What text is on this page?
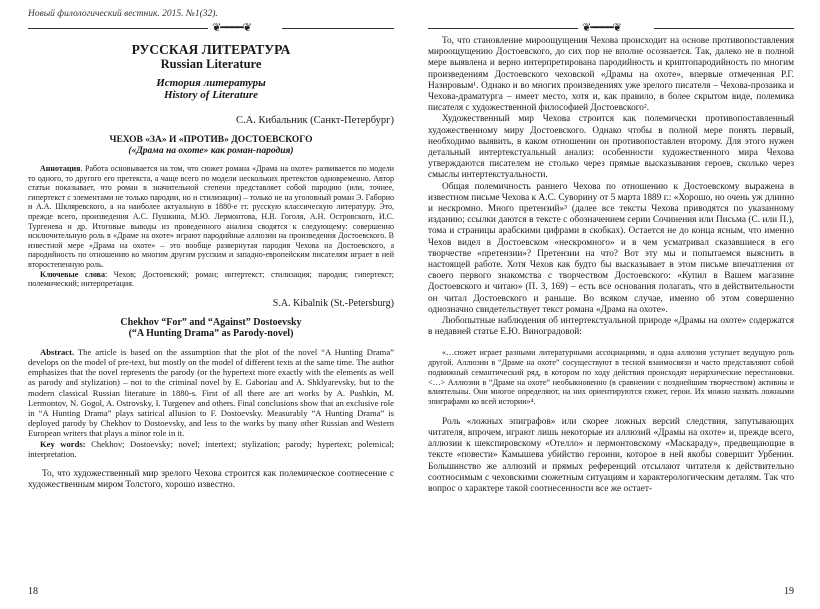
Новый филологический вестник. 2015. №1(32).
❦━━━━❦
РУССКАЯ ЛИТЕРАТУРА
Russian Literature
История литературы
History of Literature
С.А. Кибальник (Санкт-Петербург)
ЧЕХОВ «ЗА» И «ПРОТИВ» ДОСТОЕВСКОГО
(«Драма на охоте» как роман-пародия)
Аннотация. Работа основывается на том, что сюжет романа «Драма на охоте» развивается по модели то одного, то другого его претекста, а чаще всего по модели нескольких претекстов одновременно. Автор статьи показывает, что роман в значительной степени представляет собой пародию (или, точнее, гипертекст с элементами не только пародии, но и стилизации) – только не на уголовный роман Э. Габорио и А.А. Шкляревского, а на наиболее актуальную в 1880-е гг. русскую классическую литературу. Это, прежде всего, произведения А.С. Пушкина, М.Ю. Лермонтова, Н.В. Гоголя, А.Н. Островского, И.С. Тургенева и др. Итоговые выводы из проведенного анализа сводятся к следующему: совершенно исключительную роль в «Драме на охоте» играют пародийные аллюзии на произведения Достоевского. В известной мере «Драма на охоте» – это вообще развернутая пародия Чехова на Достоевского, а пародийность по отношению ко многим другим русским и западно-европейским писателям играет в ней второстепенную роль.
Ключевые слова: Чехов; Достоевский; роман; интертекст; стилизация; пародия; гипертекст; полемический; интерпретация.
S.A. Kibalnik (St.-Petersburg)
Chekhov “For” and “Against” Dostoevsky
(“A Hunting Drama” as Parody-novel)
Abstract. The article is based on the assumption that the plot of the novel “A Hunting Drama” develops on the model of pre-text, but mostly on the model of different texts at the same time. The author emphasizes that the novel represents the parody (or the hypertext more exactly with the elements as well as parody and stylization) – not to the criminal novel by E. Gaboriau and A. Shklyarevsky, but to the modern classical Russian literature in 1880-s. First of all there are art works by A. Pushkin, M. Lermontov, N. Gogol, A. Ostrovsky, I. Turgenev and others. Final conclusions show that an exclusive role in “A Hunting Drama” plays satirical allusion to F. Dostoevsky. Measurably “A Hunting Drama” is deployed parody by Chekhov to Dostoevsky, and less to the works by many other Russian and Western European writers that plays a minor role in it.
Key words: Chekhov; Dostoevsky; novel; intertext; stylization; parody; hypertext; polemical; interpretation.

То, что художественный мир зрелого Чехова строится как полемическое соотнесение с художественным миром Толстого, хорошо известно.

18
❦━━━━❦

То, что становление мироощущения Чехова происходит на основе противопоставления мироощущению Достоевского, до сих пор не вполне осознается. Так, далеко не в полной мере выявлена и верно интерпретирована пародийность и криптопародийность по многим произведениям Достоевского чеховской «Драмы на охоте», впервые отмеченная Р.Г. Назировым¹. Однако и во многих произведениях уже зрелого писателя – Чехова-прозаика и Чехова-драматурга – имеет место, хотя и, как правило, в более скрытом виде, полемика писателя с художественной философией Достоевского².

Художественный мир Чехова строится как полемически противопоставленный художественному миру Достоевского. Однако чтобы в полной мере понять первый, необходимо выявить, в каком отношении он противопоставлен второму. Для этого нужен детальный интертекстуальный анализ: особенности художественного мира Чехова утверждаются писателем не столько через прямые высказывания героев, сколько через смыслы интертекстуальности.

Общая полемичность раннего Чехова по отношению к Достоевскому выражена в известном письме Чехова к А.С. Суворину от 5 марта 1889 г.: «Хорошо, но очень уж длинно и нескромно. Много претензий»³ (далее все тексты Чехова приводятся по указанному изданию; ссылки даются в тексте с обозначением серии Сочинения или Письма (С. или П.), тома и страницы арабскими цифрами в скобках). Остается не до конца ясным, что именно Чехов видел в Достоевском «нескромного» и в чем усматривал сказавшиеся в его творчестве «претензии»? Претензии на что? Вот эту мы и попытаемся выяснить в настоящей работе. Хотя Чехов как будто бы высказывает в этом письме впечатления от своего первого знакомства с творчеством Достоевского: «Купил в Вашем магазине Достоевского и читаю» (П. 3, 169) – есть все основания полагать, что в действительности он читал Достоевского и раньше. Во всяком случае, именно об этом совершенно однозначно свидетельствует текст романа «Драма на охоте».

Любопытные наблюдения об интертекстуальной природе «Драмы на охоте» содержатся в недавней статье Е.Ю. Виноградовой:

«…сюжет играет разными литературными ассоциациями, и одна аллюзия уступает ведущую роль другой. Аллюзии в “Драме на охоте” сосуществуют в тесной взаимосвязи и часто представляют собой подвижный семантический ряд, в котором по ходу действия происходят иерархические перестановки. <…> Аллюзии в “Драме на охоте” необыкновенно (в сравнении с позднейшим творчеством) активны и влиятельны. Они многое определяют, на них ориентируются сюжет, герои. Их можно назвать ложными эпиграфами ко всей истории»⁴.

Роль «ложных эпиграфов» или скорее ложных версий следствия, запутывающих читателя, впрочем, играют лишь некоторые из аллюзий «Драмы на охоте» и, прежде всего, аллюзии к шекспировскому «Отелло» и лермонтовскому «Маскараду», предвещающие в тексте «повести» Камышева убийство героини, которое в ней якобы совершит Урбенин. Большинство же аллюзий и прямых референций отсылают читателя к действительно соотносимым с чеховскими сюжетным ситуациям и характерологическим деталям. Так что вопрос о характере такой соотнесенности все же остает-

19
